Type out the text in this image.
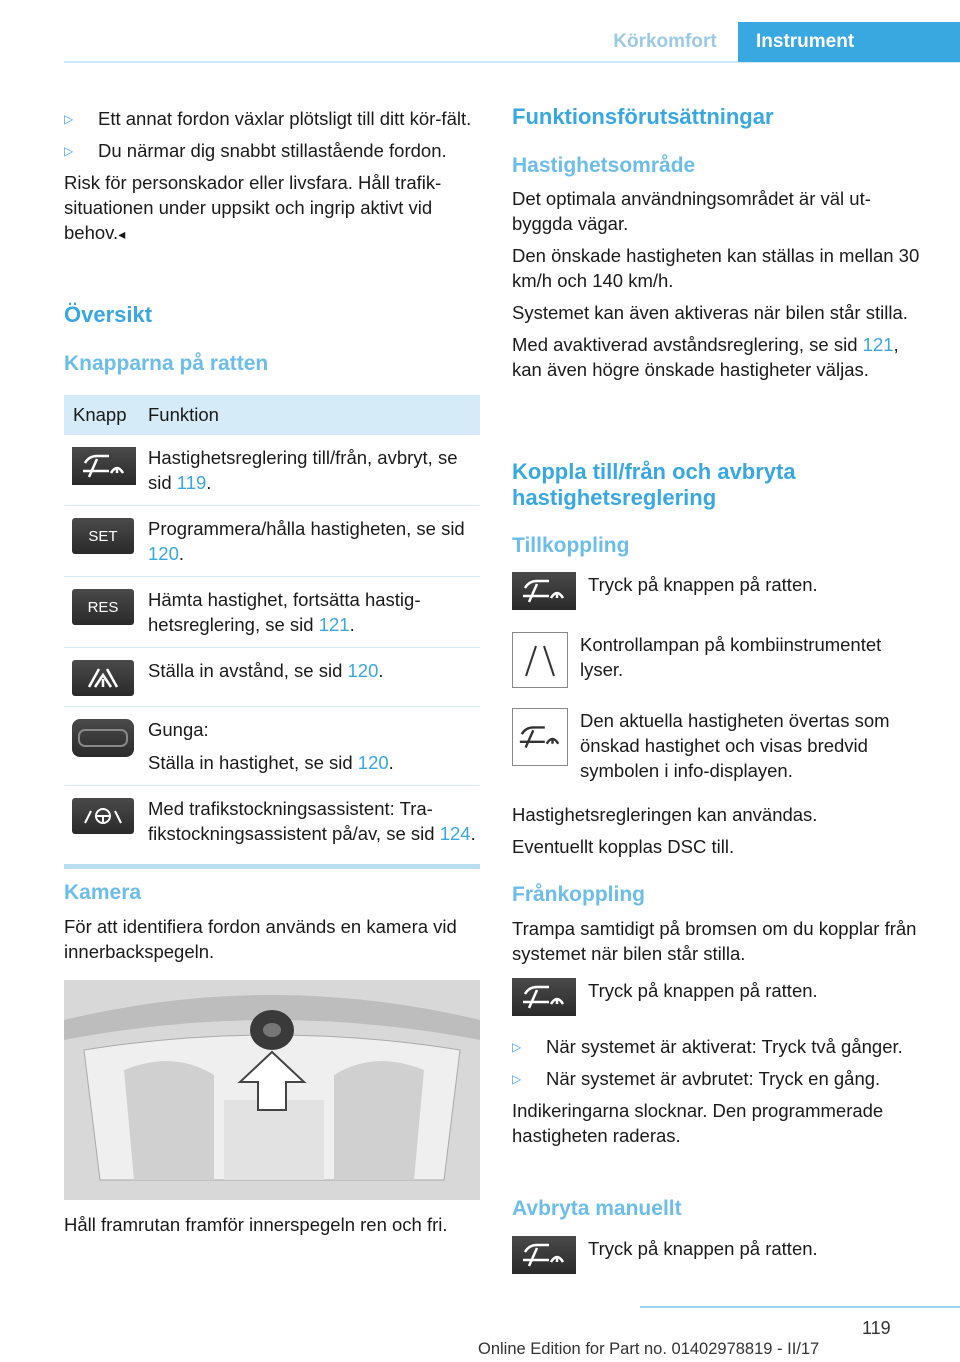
Körkomfort	Instrument
▷	Ett annat fordon växlar plötsligt till ditt kör-fält.

▷	Du närmar dig snabbt stillastående fordon.

Risk för personskador eller livsfara. Håll trafik-situationen under uppsikt och ingrip aktivt vid behov.◂

Översikt
Knapparna på ratten
Knapp	Funktion
Hastighetsreglering till/från, avbryt, se sid 119.
SET	Programmera/hålla hastigheten, se sid 120.
RES	Hämta hastighet, fortsätta hastig-hetsreglering, se sid 121.
Ställa in avstånd, se sid 120.
Gunga:
Ställa in hastighet, se sid 120.
Med trafikstockningsassistent: Tra-fikstockningsassistent på/av, se sid 124.
Kamera

För att identifiera fordon används en kamera vid innerbackspegeln.

Håll framrutan framför innerspegeln ren och fri.

Funktionsförutsättningar
Hastighetsområde

Det optimala användningsområdet är väl ut-byggda vägar.

Den önskade hastigheten kan ställas in mellan 30 km/h och 140 km/h.

Systemet kan även aktiveras när bilen står stilla.

Med avaktiverad avståndsreglering, se sid 121, kan även högre önskade hastigheter väljas.

Koppla till/från och avbryta hastighetsreglering
Tillkoppling

Tryck på knappen på ratten.

Kontrollampan på kombiinstrumentet lyser.

Den aktuella hastigheten övertas som önskad hastighet och visas bredvid symbolen i info-displayen.

Hastighetsregleringen kan användas.

Eventuellt kopplas DSC till.

Frånkoppling

Trampa samtidigt på bromsen om du kopplar från systemet när bilen står stilla.

Tryck på knappen på ratten.

▷	När systemet är aktiverat: Tryck två gånger.

▷	När systemet är avbrutet: Tryck en gång.

Indikeringarna slocknar. Den programmerade hastigheten raderas.

Avbryta manuellt

Tryck på knappen på ratten.

119
Online Edition for Part no. 01402978819 - II/17
